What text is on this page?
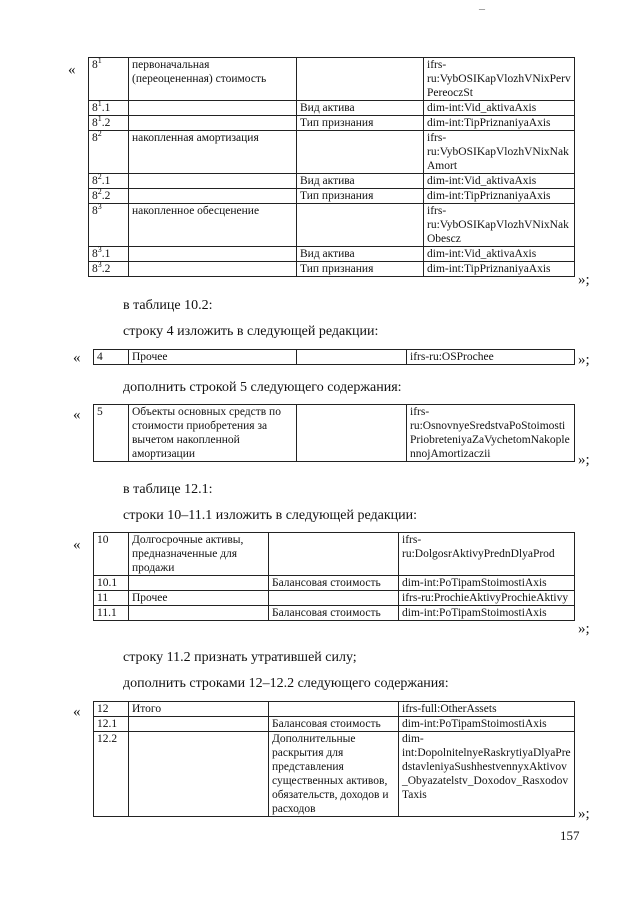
« $8^1$	первоначальная (переоцененная) стоимость		ifrs-ru:VybOSIKapVlozhVNixPervPereoczSt
$8^1.1$		Вид актива	dim-int:Vid_aktivaAxis
$8^1.2$		Тип признания	dim-int:TipPriznaniyaAxis
$8^2$	накопленная амортизация		ifrs-ru:VybOSIKapVlozhVNixNakAmort
$8^2.1$		Вид актива	dim-int:Vid_aktivaAxis
$8^2.2$		Тип признания	dim-int:TipPriznaniyaAxis
$8^3$	накопленное обесценение		ifrs-ru:VybOSIKapVlozhVNixNakObescz
$8^3.1$		Вид актива	dim-int:Vid_aktivaAxis
$8^3.2$		Тип признания	dim-int:TipPriznaniyaAxis
»;
в таблице 10.2:
строку 4 изложить в следующей редакции:
« 4	Прочее		ifrs-ru:OSProchee	»;
дополнить строкой 5 следующего содержания:
« 5	Объекты основных средств по стоимости приобретения за вычетом накопленной амортизации		ifrs-ru:OsnovnyeSredstvaPoStoimostiPriobreteniyaZaVychetomNakoplennojAmortizaczii	»;
в таблице 12.1:
строки 10–11.1 изложить в следующей редакции:
« 10	Долгосрочные активы, предназначенные для продажи		ifrs-ru:DolgosrAktivyPrednDlyaProd
10.1		Балансовая стоимость	dim-int:PoTipamStoimostiAxis
11	Прочее		ifrs-ru:ProchieAktivyProchieAktivy
11.1		Балансовая стоимость	dim-int:PoTipamStoimostiAxis
»;
строку 11.2 признать утратившей силу;
дополнить строками 12–12.2 следующего содержания:
« 12	Итого		ifrs-full:OtherAssets
12.1		Балансовая стоимость	dim-int:PoTipamStoimostiAxis
12.2		Дополнительные раскрытия для представления существенных активов, обязательств, доходов и расходов	dim-int:DopolnitelnyeRaskrytiyaDlyaPredstavleniyaSushhestvennyxAktivov_Obyazatelstv_Doxodov_RasxodovTaxis
»;
157
–
